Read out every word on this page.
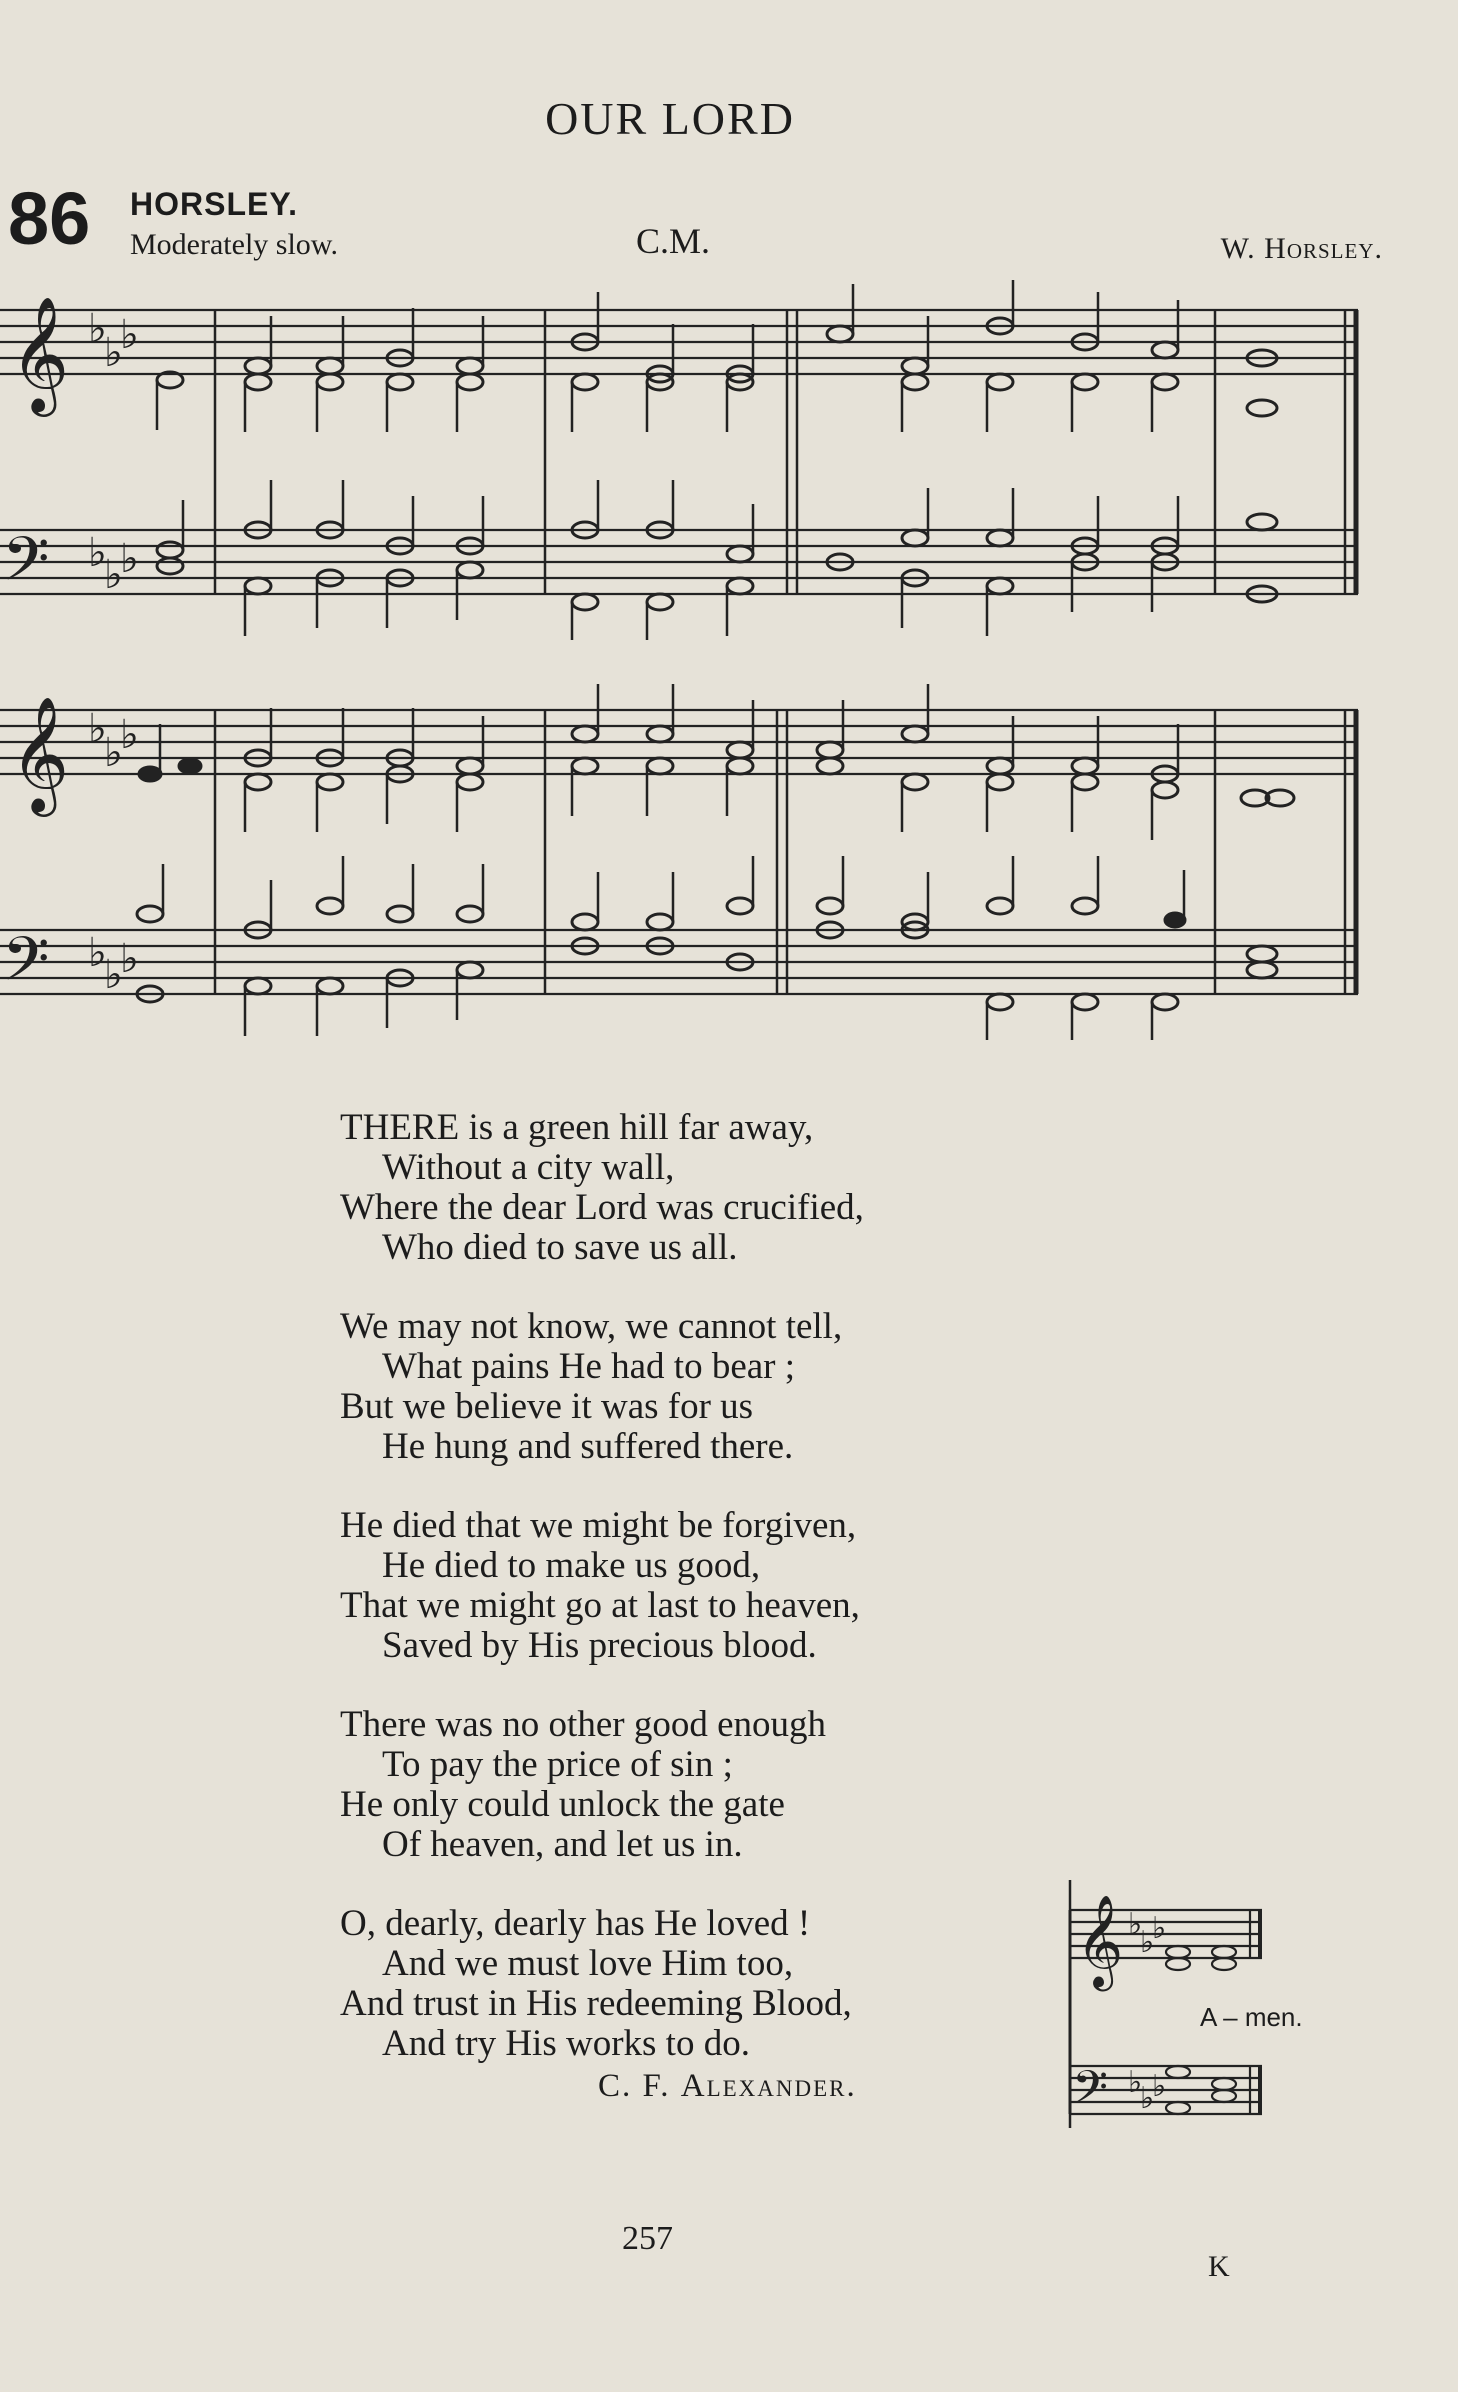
OUR LORD
86 HORSLEY.
Moderately slow.	C.M.	W. Horsley.
𝄞
𝄢
♭
♭
♭
♭
♭
♭
𝄞
𝄢
♭
♭
♭
♭
♭
♭
THERE is a green hill far away,
Without a city wall,
Where the dear Lord was crucified,
Who died to save us all.
We may not know, we cannot tell,
What pains He had to bear ;
But we believe it was for us
He hung and suffered there.
He died that we might be forgiven,
He died to make us good,
That we might go at last to heaven,
Saved by His precious blood.
There was no other good enough
To pay the price of sin ;
He only could unlock the gate
Of heaven, and let us in.
O, dearly, dearly has He loved !
And we must love Him too,
And trust in His redeeming Blood,
And try His works to do.
C. F. Alexander.
𝄞
𝄢
♭
♭
♭
♭
♭
♭
A – men.
257
K
